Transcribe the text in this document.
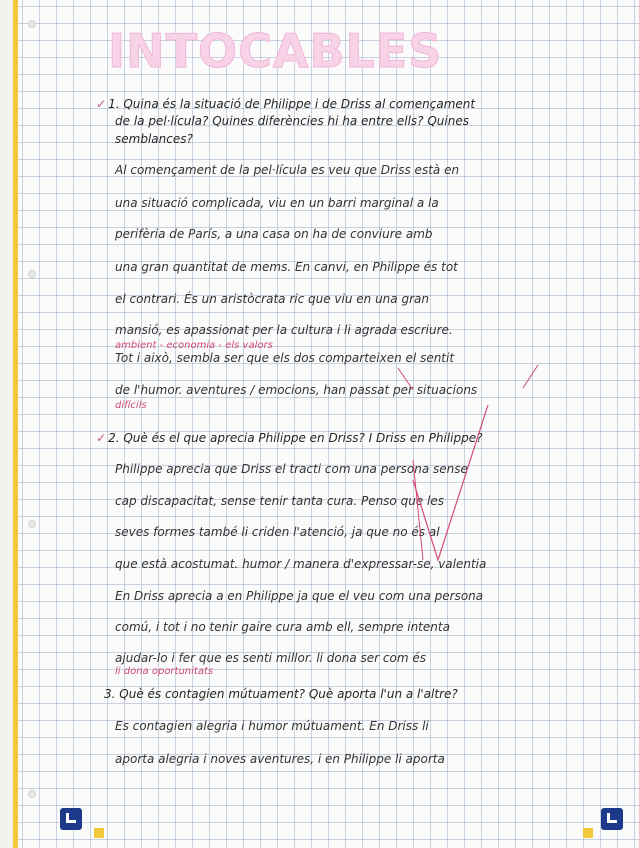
INTOCABLES
✓ 1. Quina és la situació de Philippe i de Driss al començament
de la pel·lícula? Quines diferències hi ha entre ells? Quines
semblances?
Al començament de la pel·lícula es veu que Driss està en
una situació complicada, viu en un barri marginal a la
perifèria de París, a una casa on ha de conviure amb
una gran quantitat de mems. En canvi, en Philippe és tot
el contrari. És un aristòcrata ric que viu en una gran
mansió, es apassionat per la cultura i li agrada escriure.
ambient - economia - els valors
Tot i això, sembla ser que els dos comparteixen el sentit
de l'humor. aventures / emocions, han passat per situacions
difícils
✓ 2. Què és el que aprecia Philippe en Driss? I Driss en Philippe?
Philippe aprecia que Driss el tracti com una persona sense
cap discapacitat, sense tenir tanta cura. Penso que les
seves formes també li criden l'atenció, ja que no és al
que està acostumat. humor / manera d'expressar-se, valentia
En Driss aprecia a en Philippe ja que el veu com una persona
comú, i tot i no tenir gaire cura amb ell, sempre intenta
ajudar-lo i fer que es senti millor. li dona ser com és
li dona oportunitats
3. Què és contagien mútuament? Què aporta l'un a l'altre?
Es contagien alegria i humor mútuament. En Driss li
aporta alegria i noves aventures, i en Philippe li aporta
